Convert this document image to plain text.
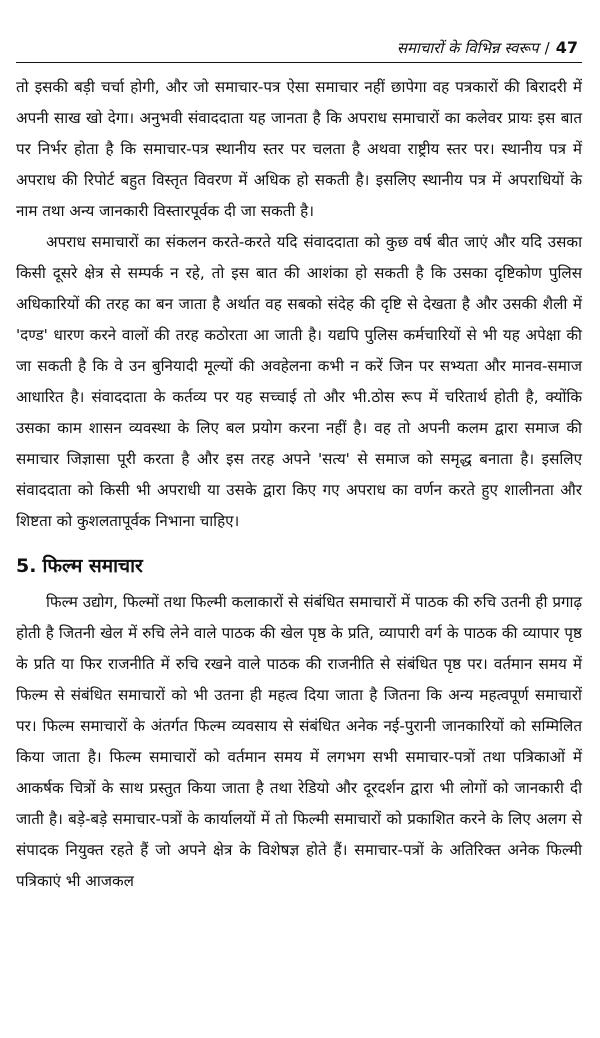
समाचारों के विभिन्न स्वरूप / 47

तो इसकी बड़ी चर्चा होगी, और जो समाचार-पत्र ऐसा समाचार नहीं छापेगा वह पत्रकारों की बिरादरी में अपनी साख खो देगा। अनुभवी संवाददाता यह जानता है कि अपराध समाचारों का कलेवर प्रायः इस बात पर निर्भर होता है कि समाचार-पत्र स्थानीय स्तर पर चलता है अथवा राष्ट्रीय स्तर पर। स्थानीय पत्र में अपराध की रिपोर्ट बहुत विस्तृत विवरण में अधिक हो सकती है। इसलिए स्थानीय पत्र में अपराधियों के नाम तथा अन्य जानकारी विस्तारपूर्वक दी जा सकती है।

अपराध समाचारों का संकलन करते-करते यदि संवाददाता को कुछ वर्ष बीत जाएं और यदि उसका किसी दूसरे क्षेत्र से सम्पर्क न रहे, तो इस बात की आशंका हो सकती है कि उसका दृष्टिकोण पुलिस अधिकारियों की तरह का बन जाता है अर्थात वह सबको संदेह की दृष्टि से देखता है और उसकी शैली में 'दण्ड' धारण करने वालों की तरह कठोरता आ जाती है। यद्यपि पुलिस कर्मचारियों से भी यह अपेक्षा की जा सकती है कि वे उन बुनियादी मूल्यों की अवहेलना कभी न करें जिन पर सभ्यता और मानव-समाज आधारित है। संवाददाता के कर्तव्य पर यह सच्चाई तो और भी.ठोस रूप में चरितार्थ होती है, क्योंकि उसका काम शासन व्यवस्था के लिए बल प्रयोग करना नहीं है। वह तो अपनी कलम द्वारा समाज की समाचार जिज्ञासा पूरी करता है और इस तरह अपने 'सत्य' से समाज को समृद्ध बनाता है। इसलिए संवाददाता को किसी भी अपराधी या उसके द्वारा किए गए अपराध का वर्णन करते हुए शालीनता और शिष्टता को कुशलतापूर्वक निभाना चाहिए।

5. फिल्म समाचार

फिल्म उद्योग, फिल्मों तथा फिल्मी कलाकारों से संबंधित समाचारों में पाठक की रुचि उतनी ही प्रगाढ़ होती है जितनी खेल में रुचि लेने वाले पाठक की खेल पृष्ठ के प्रति, व्यापारी वर्ग के पाठक की व्यापार पृष्ठ के प्रति या फिर राजनीति में रुचि रखने वाले पाठक की राजनीति से संबंधित पृष्ठ पर। वर्तमान समय में फिल्म से संबंधित समाचारों को भी उतना ही महत्व दिया जाता है जितना कि अन्य महत्वपूर्ण समाचारों पर। फिल्म समाचारों के अंतर्गत फिल्म व्यवसाय से संबंधित अनेक नई-पुरानी जानकारियों को सम्मिलित किया जाता है। फिल्म समाचारों को वर्तमान समय में लगभग सभी समाचार-पत्रों तथा पत्रिकाओं में आकर्षक चित्रों के साथ प्रस्तुत किया जाता है तथा रेडियो और दूरदर्शन द्वारा भी लोगों को जानकारी दी जाती है। बड़े-बड़े समाचार-पत्रों के कार्यालयों में तो फिल्मी समाचारों को प्रकाशित करने के लिए अलग से संपादक नियुक्त रहते हैं जो अपने क्षेत्र के विशेषज्ञ होते हैं। समाचार-पत्रों के अतिरिक्त अनेक फिल्मी पत्रिकाएं भी आजकल
